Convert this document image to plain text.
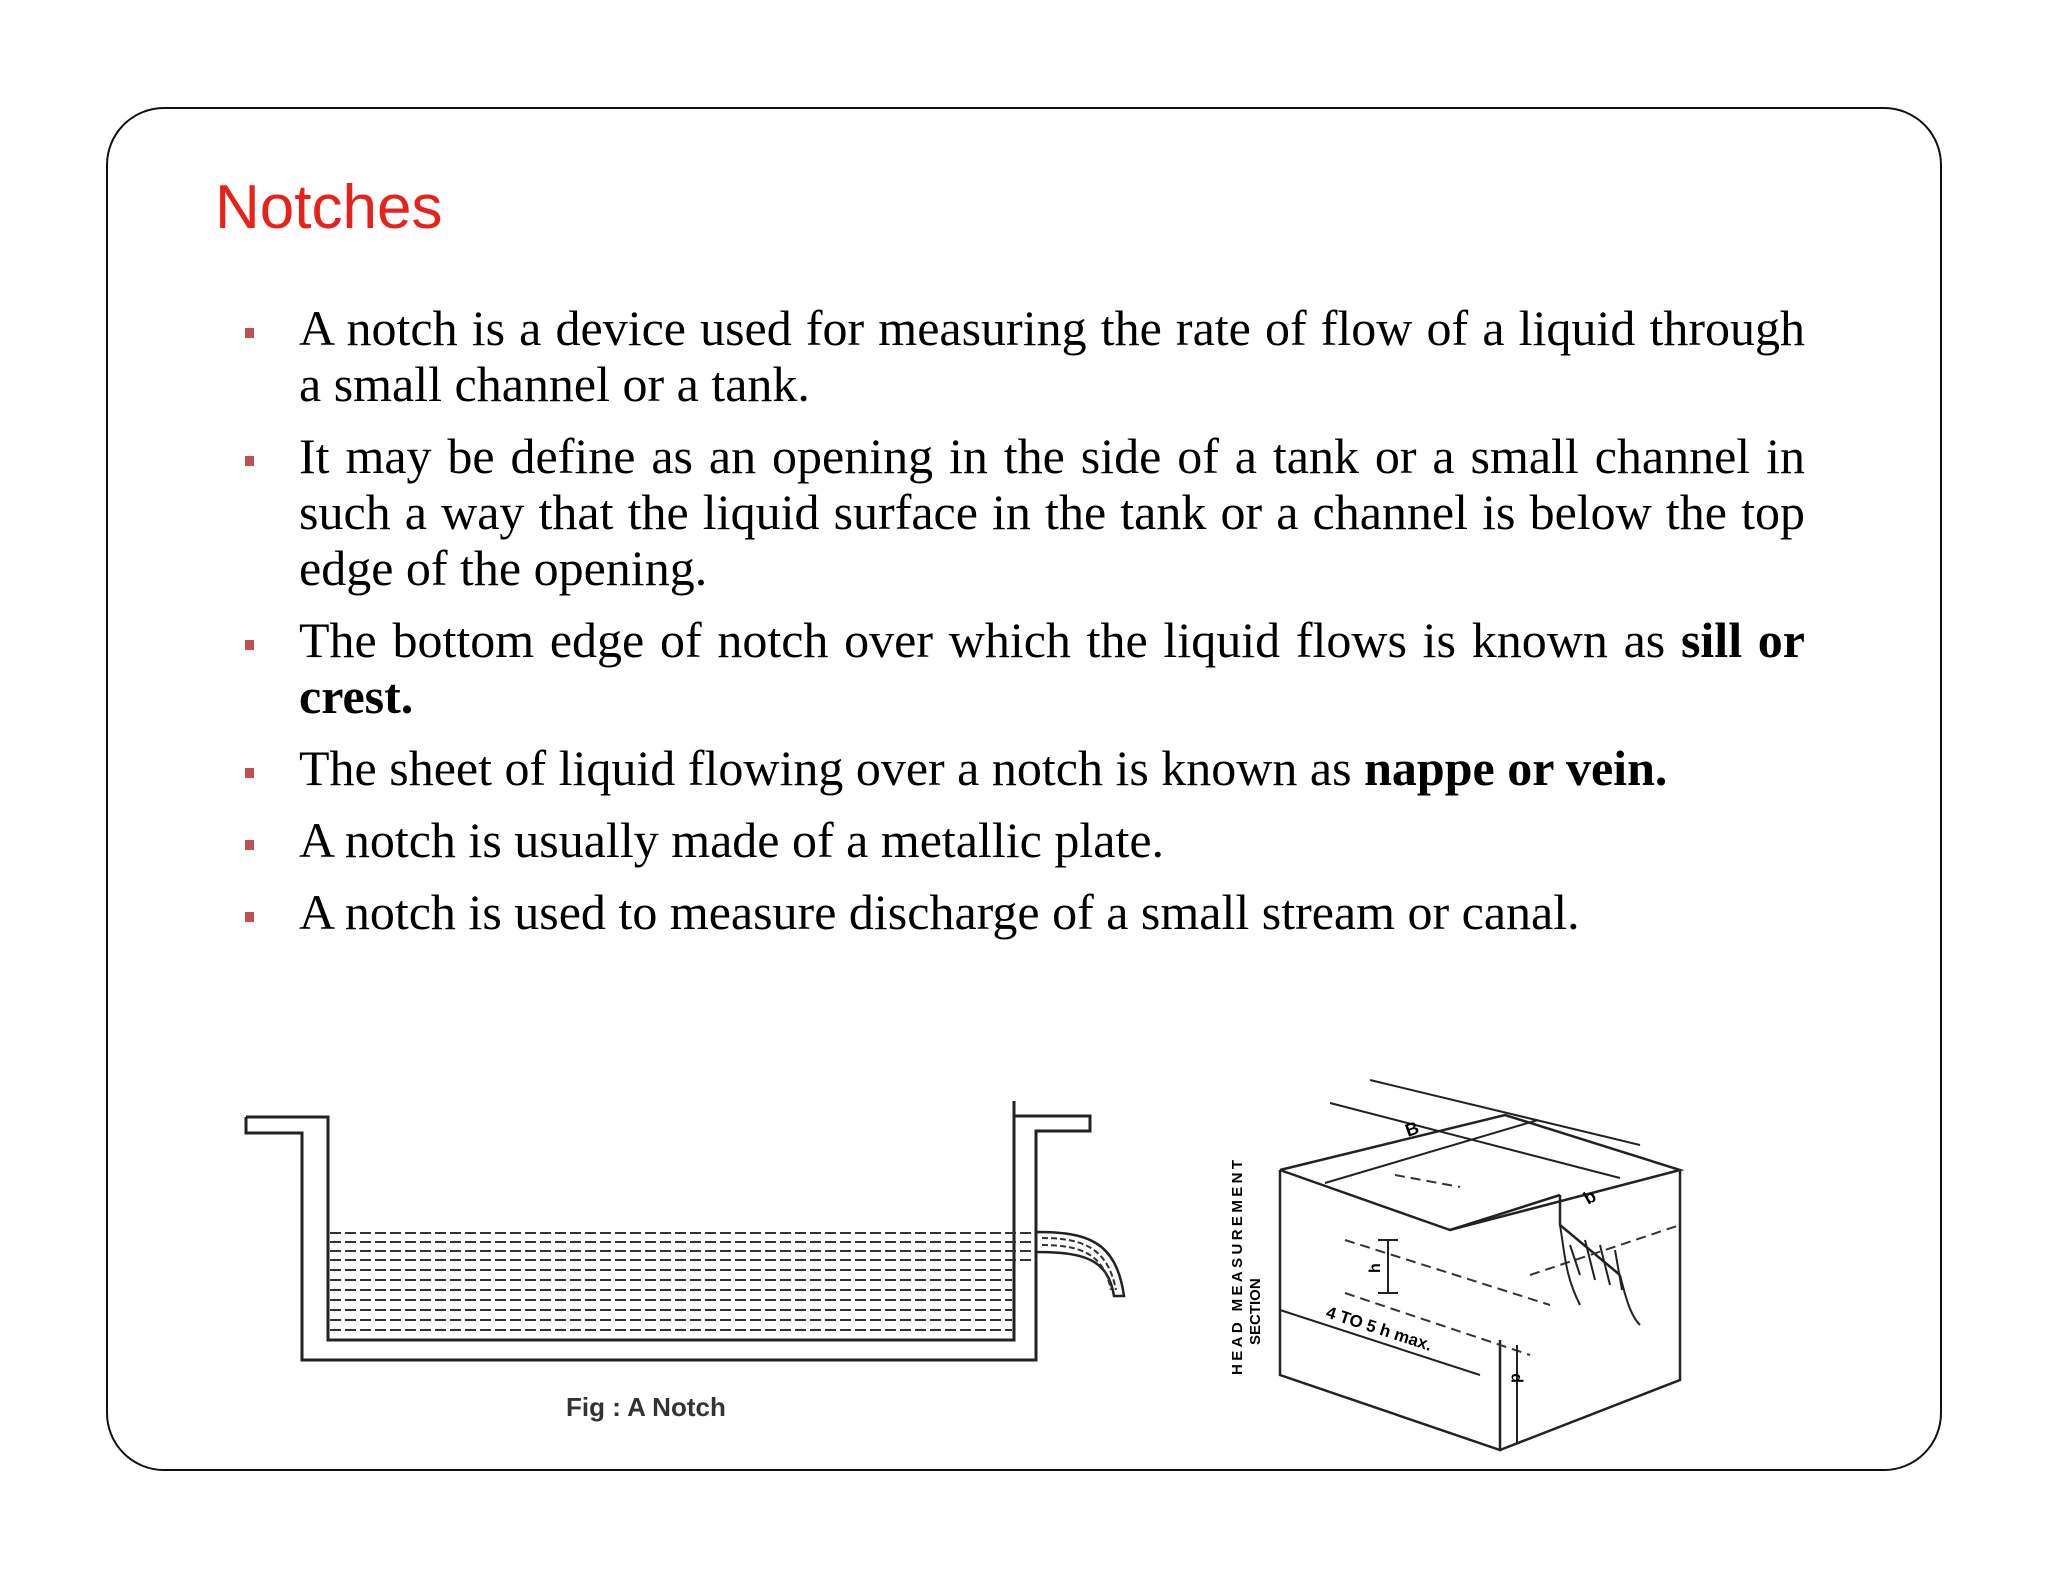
Notches
A notch is a device used for measuring the rate of flow of a liquid through a small channel or a tank.
It may be define as an opening in the side of a tank or a small channel in such a way that the liquid surface in the tank or a channel is below the top edge of the opening.
The bottom edge of notch over which the liquid flows is known as sill or crest.
The sheet of liquid flowing over a notch is known as nappe or vein.
A notch is usually made of a metallic plate.
A notch is used to measure discharge of a small stream or canal.

Fig : A Notch

B
b
h
p
4 TO 5 h max.
HEAD MEASUREMENT
SECTION
